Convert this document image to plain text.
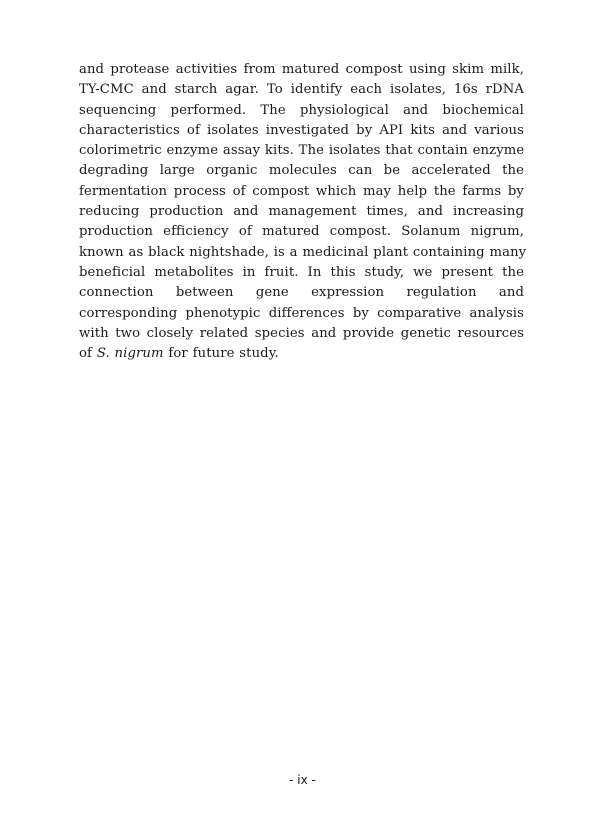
and protease activities from matured compost using skim milk,
TY-CMC and starch agar. To identify each isolates, 16s rDNA
sequencing performed. The physiological and biochemical
characteristics of isolates investigated by API kits and various
colorimetric enzyme assay kits. The isolates that contain enzyme
degrading large organic molecules can be accelerated the
fermentation process of compost which may help the farms by
reducing production and management times, and increasing
production efficiency of matured compost. Solanum nigrum,
known as black nightshade, is a medicinal plant containing many
beneficial metabolites in fruit. In this study, we present the
connection between gene expression regulation and
corresponding phenotypic differences by comparative analysis
with two closely related species and provide genetic resources
of S. nigrum for future study.

- ix -
